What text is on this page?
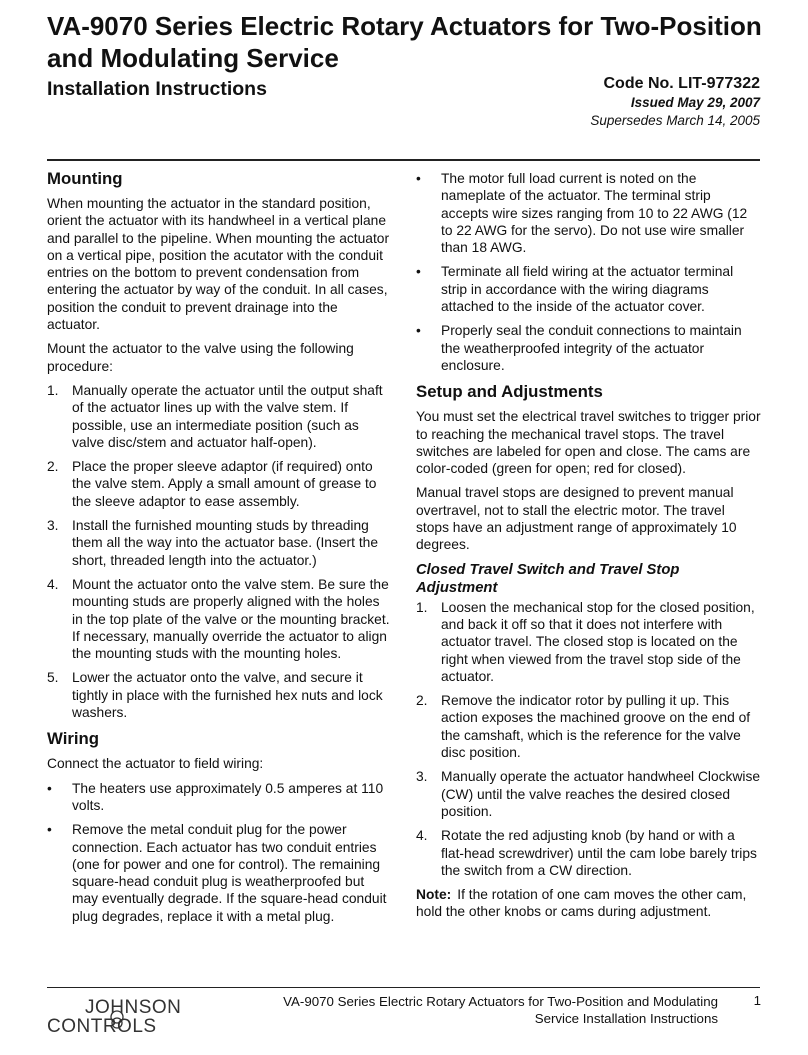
VA-9070 Series Electric Rotary Actuators for Two-Position and Modulating Service
Installation Instructions	Code No. LIT-977322
Issued May 29, 2007
Supersedes March 14, 2005
Mounting

When mounting the actuator in the standard position, orient the actuator with its handwheel in a vertical plane and parallel to the pipeline. When mounting the actuator on a vertical pipe, position the acutator with the conduit entries on the bottom to prevent condensation from entering the actuator by way of the conduit. In all cases, position the conduit to prevent drainage into the actuator.

Mount the actuator to the valve using the following procedure:

1. Manually operate the actuator until the output shaft of the actuator lines up with the valve stem. If possible, use an intermediate position (such as valve disc/stem and actuator half-open).
2. Place the proper sleeve adaptor (if required) onto the valve stem. Apply a small amount of grease to the sleeve adaptor to ease assembly.
3. Install the furnished mounting studs by threading them all the way into the actuator base. (Insert the short, threaded length into the actuator.)
4. Mount the actuator onto the valve stem. Be sure the mounting studs are properly aligned with the holes in the top plate of the valve or the mounting bracket. If necessary, manually override the actuator to align the mounting studs with the mounting holes.
5. Lower the actuator onto the valve, and secure it tightly in place with the furnished hex nuts and lock washers.
Wiring

Connect the actuator to field wiring:

• The heaters use approximately 0.5 amperes at 110 volts.
• Remove the metal conduit plug for the power connection. Each actuator has two conduit entries (one for power and one for control). The remaining square-head conduit plug is weatherproofed but may eventually degrade. If the square-head conduit plug degrades, replace it with a metal plug.
• The motor full load current is noted on the nameplate of the actuator. The terminal strip accepts wire sizes ranging from 10 to 22 AWG (12 to 22 AWG for the servo). Do not use wire smaller than 18 AWG.
• Terminate all field wiring at the actuator terminal strip in accordance with the wiring diagrams attached to the inside of the actuator cover.
• Properly seal the conduit connections to maintain the weatherproofed integrity of the actuator enclosure.
Setup and Adjustments

You must set the electrical travel switches to trigger prior to reaching the mechanical travel stops. The travel switches are labeled for open and close. The cams are color-coded (green for open; red for closed).

Manual travel stops are designed to prevent manual overtravel, not to stall the electric motor. The travel stops have an adjustment range of approximately 10 degrees.

Closed Travel Switch and Travel Stop Adjustment
1. Loosen the mechanical stop for the closed position, and back it off so that it does not interfere with actuator travel. The closed stop is located on the right when viewed from the travel stop side of the actuator.
2. Remove the indicator rotor by pulling it up. This action exposes the machined groove on the end of the camshaft, which is the reference for the valve disc position.
3. Manually operate the actuator handwheel Clockwise (CW) until the valve reaches the desired closed position.
4. Rotate the red adjusting knob (by hand or with a flat-head screwdriver) until the cam lobe barely trips the switch from a CW direction.

Note: If the rotation of one cam moves the other cam, hold the other knobs or cams during adjustment.

JOHNSON
CONTROLS
VA-9070 Series Electric Rotary Actuators for Two-Position and Modulating Service Installation Instructions
1
